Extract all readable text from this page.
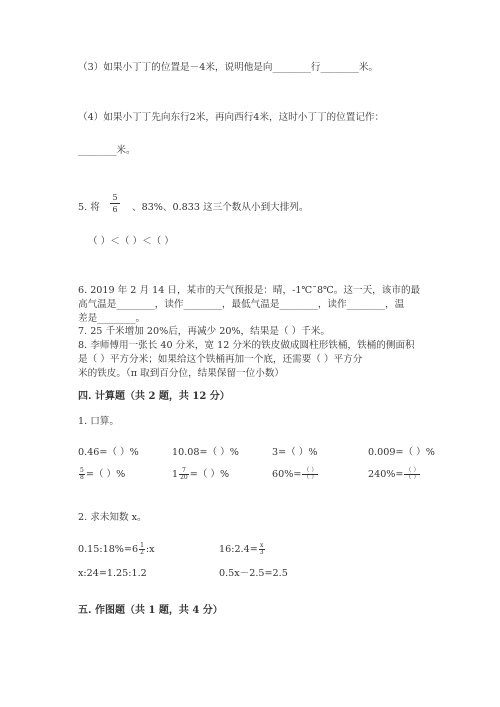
（3）如果小丁丁的位置是－4米，说明他是向________行________米。
（4）如果小丁丁先向东行2米，再向西行4米，这时小丁丁的位置记作：
________米。
5. 将
5
6 、83%、0.833 这三个数从小到大排列。
（ ）＜（ ）＜（ ）
6. 2019 年 2 月 14 日，某市的天气预报是：晴，-1℃˜8℃。这一天，该市的最
高气温是________，读作________，最低气温是________，读作________，温
差是________。
7. 25 千米增加 20%后，再减少 20%，结果是（ ）千米。
8. 李师傅用一张长 40 分米，宽 12 分米的铁皮做成圆柱形铁桶，铁桶的侧面积
是（ ）平方分米；如果给这个铁桶再加一个底，还需要（ ）平方分
米的铁皮。（π 取到百分位，结果保留一位小数）
四. 计算题（共 2 题，共 12 分）
1. 口算。
0.46=（ ）%	10.08=（ ）%	3=（ ）%	0.009=（ ）%
$\frac{5}{8}$ =（ ）%	$1 \frac{7}{20}$ =（ ）%	$60\%= \frac{( )}{( )}$	$240\%= \frac{( )}{( )}$
2. 求未知数 x。
0.15:18%=6 $\frac{1}{2}$ :x	16:2.4= $\frac{x}{3}$
x:24=1.25:1.2	0.5x－2.5=2.5
五. 作图题（共 1 题，共 4 分）
